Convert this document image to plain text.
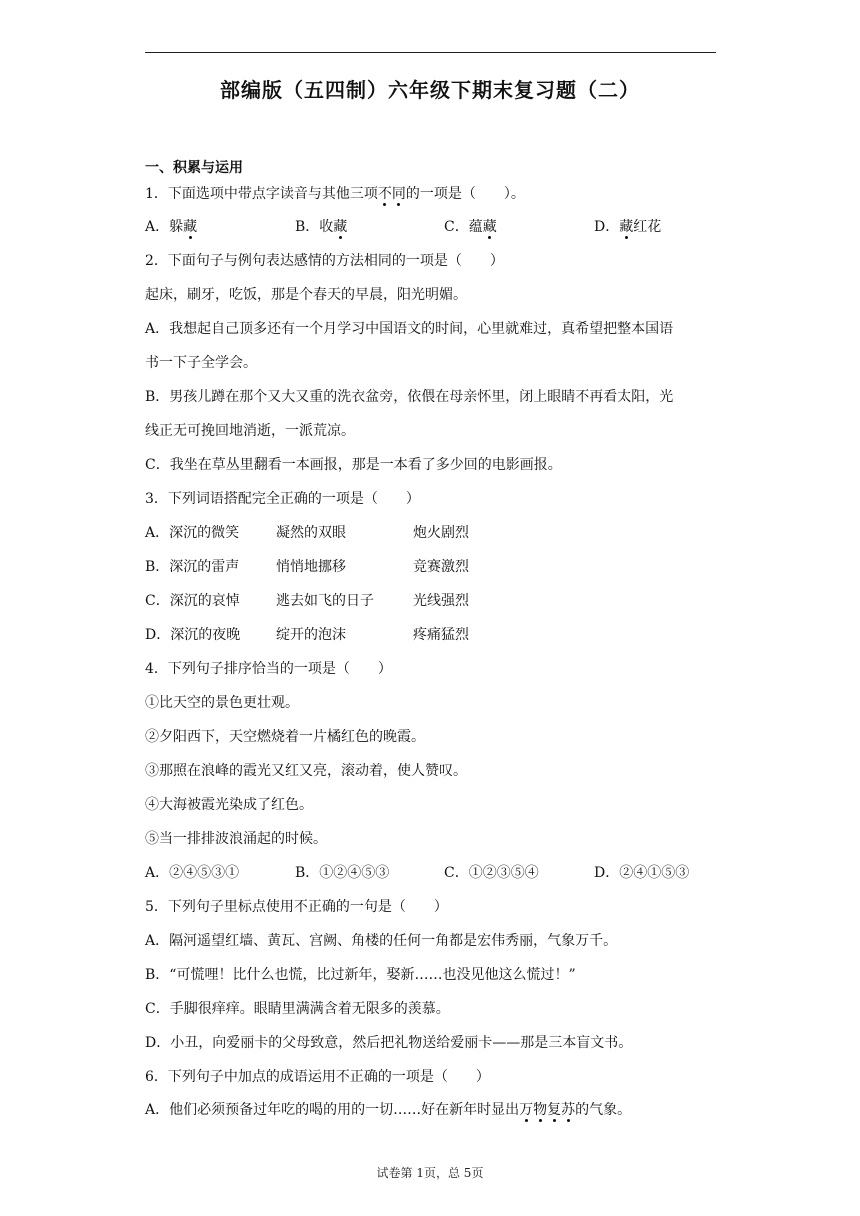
部编版（五四制）六年级下期末复习题（二）
一、积累与运用
1．下面选项中带点字读音与其他三项不同的一项是（　　）。
A．躲藏	B．收藏	C．蕴藏	D．藏红花
2．下面句子与例句表达感情的方法相同的一项是（　　）
起床，刷牙，吃饭，那是个春天的早晨，阳光明媚。
A．我想起自己顶多还有一个月学习中国语文的时间，心里就难过，真希望把整本国语
书一下子全学会。
B．男孩儿蹲在那个又大又重的洗衣盆旁，依偎在母亲怀里，闭上眼睛不再看太阳，光
线正无可挽回地消逝，一派荒凉。
C．我坐在草丛里翻看一本画报，那是一本看了多少回的电影画报。
3．下列词语搭配完全正确的一项是（　　）
A．深沉的微笑	凝然的双眼	炮火剧烈
B．深沉的雷声	悄悄地挪移	竞赛激烈
C．深沉的哀悼	逃去如飞的日子	光线强烈
D．深沉的夜晚	绽开的泡沫	疼痛猛烈
4．下列句子排序恰当的一项是（　　）
①比天空的景色更壮观。
②夕阳西下，天空燃烧着一片橘红色的晚霞。
③那照在浪峰的霞光又红又亮，滚动着，使人赞叹。
④大海被霞光染成了红色。
⑤当一排排波浪涌起的时候。
A．②④⑤③①	B．①②④⑤③	C．①②③⑤④	D．②④①⑤③
5．下列句子里标点使用不正确的一句是（　　）
A．隔河遥望红墙、黄瓦、宫阙、角楼的任何一角都是宏伟秀丽，气象万千。
B．“可慌哩！比什么也慌，比过新年，娶新……也没见他这么慌过！”
C．手脚很痒痒。眼睛里满满含着无限多的羡慕。
D．小丑，向爱丽卡的父母致意，然后把礼物送给爱丽卡——那是三本盲文书。
6．下列句子中加点的成语运用不正确的一项是（　　）
A．他们必须预备过年吃的喝的用的一切……好在新年时显出万物复苏的气象。
试卷第 1页，总 5页
